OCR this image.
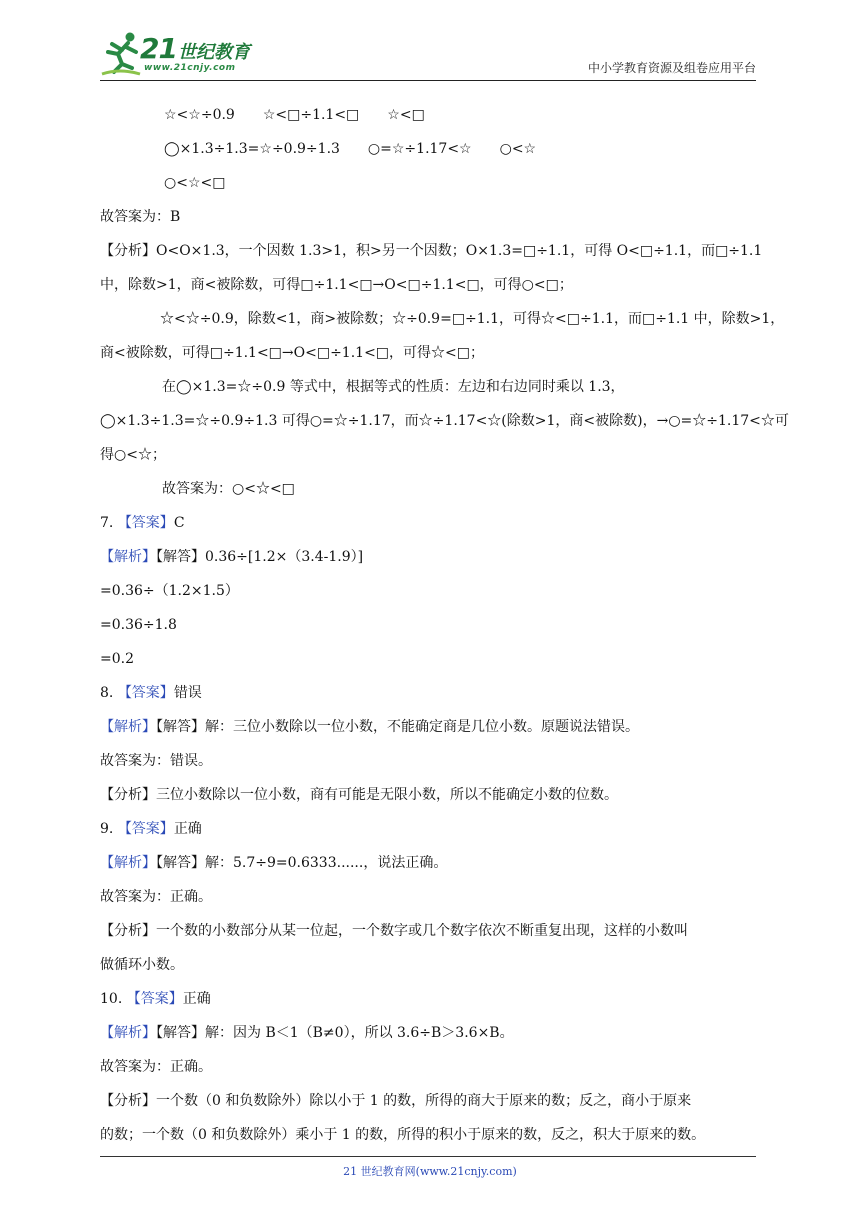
21 世纪教育
www.21cnjy.com	中小学教育资源及组卷应用平台
☆<☆÷0.9　　☆<□÷1.1<□　　☆<□
◯×1.3÷1.3=☆÷0.9÷1.3　　○=☆÷1.17<☆　　○<☆
○<☆<□
故答案为：B
【分析】O<O×1.3，一个因数 1.3>1，积>另一个因数；O×1.3=□÷1.1，可得 O<□÷1.1，而□÷1.1
中，除数>1，商<被除数，可得□÷1.1<□→O<□÷1.1<□，可得○<□；
☆<☆÷0.9，除数<1，商>被除数；☆÷0.9=□÷1.1，可得☆<□÷1.1，而□÷1.1 中，除数>1，
商<被除数，可得□÷1.1<□→O<□÷1.1<□，可得☆<□；
在◯×1.3=☆÷0.9 等式中，根据等式的性质：左边和右边同时乘以 1.3，
◯×1.3÷1.3=☆÷0.9÷1.3 可得○=☆÷1.17，而☆÷1.17<☆(除数>1，商<被除数)，→○=☆÷1.17<☆可
得○<☆；
故答案为：○<☆<□
7. 【答案】C
【解析】【解答】0.36÷[1.2×（3.4-1.9）]
=0.36÷（1.2×1.5）
=0.36÷1.8
=0.2
8. 【答案】错误
【解析】【解答】解：三位小数除以一位小数，不能确定商是几位小数。原题说法错误。
故答案为：错误。
【分析】三位小数除以一位小数，商有可能是无限小数，所以不能确定小数的位数。
9. 【答案】正确
【解析】【解答】解：5.7÷9=0.6333......，说法正确。
故答案为：正确。
【分析】一个数的小数部分从某一位起，一个数字或几个数字依次不断重复出现，这样的小数叫
做循环小数。
10. 【答案】正确
【解析】【解答】解：因为 B＜1（B≠0），所以 3.6÷B＞3.6×B。
故答案为：正确。
【分析】一个数（0 和负数除外）除以小于 1 的数，所得的商大于原来的数；反之，商小于原来
的数；一个数（0 和负数除外）乘小于 1 的数，所得的积小于原来的数，反之，积大于原来的数。
21 世纪教育网(www.21cnjy.com)
